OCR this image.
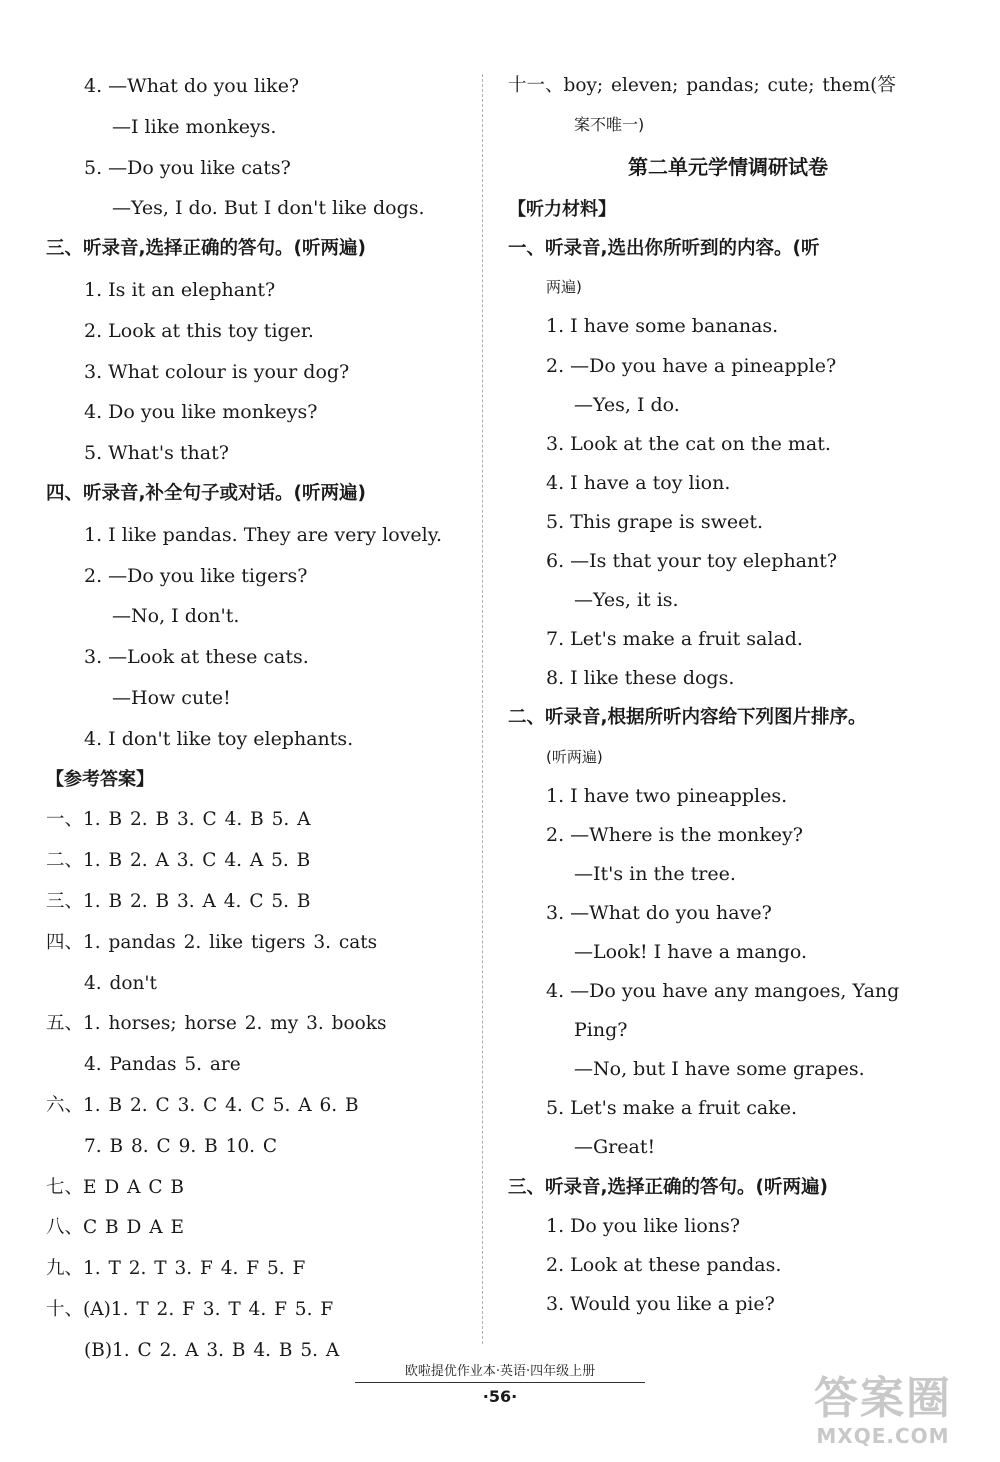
4. —What do you like?
—I like monkeys.
5. —Do you like cats?
—Yes, I do. But I don't like dogs.
三、听录音,选择正确的答句。(听两遍)
1. Is it an elephant?
2. Look at this toy tiger.
3. What colour is your dog?
4. Do you like monkeys?
5. What's that?
四、听录音,补全句子或对话。(听两遍)
1. I like pandas. They are very lovely.
2. —Do you like tigers?
—No, I don't.
3. —Look at these cats.
—How cute!
4. I don't like toy elephants.
【参考答案】
一、1. B 2. B 3. C 4. B 5. A
二、1. B 2. A 3. C 4. A 5. B
三、1. B 2. B 3. A 4. C 5. B
四、1. pandas 2. like tigers 3. cats
4. don't
五、1. horses; horse 2. my 3. books
4. Pandas 5. are
六、1. B 2. C 3. C 4. C 5. A 6. B
7. B 8. C 9. B 10. C
七、E D A C B
八、C B D A E
九、1. T 2. T 3. F 4. F 5. F
十、(A)1. T 2. F 3. T 4. F 5. F
(B)1. C 2. A 3. B 4. B 5. A
十一、boy; eleven; pandas; cute; them(答
案不唯一)
第二单元学情调研试卷
【听力材料】
一、听录音,选出你所听到的内容。(听
两遍)
1. I have some bananas.
2. —Do you have a pineapple?
—Yes, I do.
3. Look at the cat on the mat.
4. I have a toy lion.
5. This grape is sweet.
6. —Is that your toy elephant?
—Yes, it is.
7. Let's make a fruit salad.
8. I like these dogs.
二、听录音,根据所听内容给下列图片排序。
(听两遍)
1. I have two pineapples.
2. —Where is the monkey?
—It's in the tree.
3. —What do you have?
—Look! I have a mango.
4. —Do you have any mangoes, Yang
Ping?
—No, but I have some grapes.
5. Let's make a fruit cake.
—Great!
三、听录音,选择正确的答句。(听两遍)
1. Do you like lions?
2. Look at these pandas.
3. Would you like a pie?
欧啦提优作业本·英语·四年级上册
·56·	答案圈
MXQE.COM
